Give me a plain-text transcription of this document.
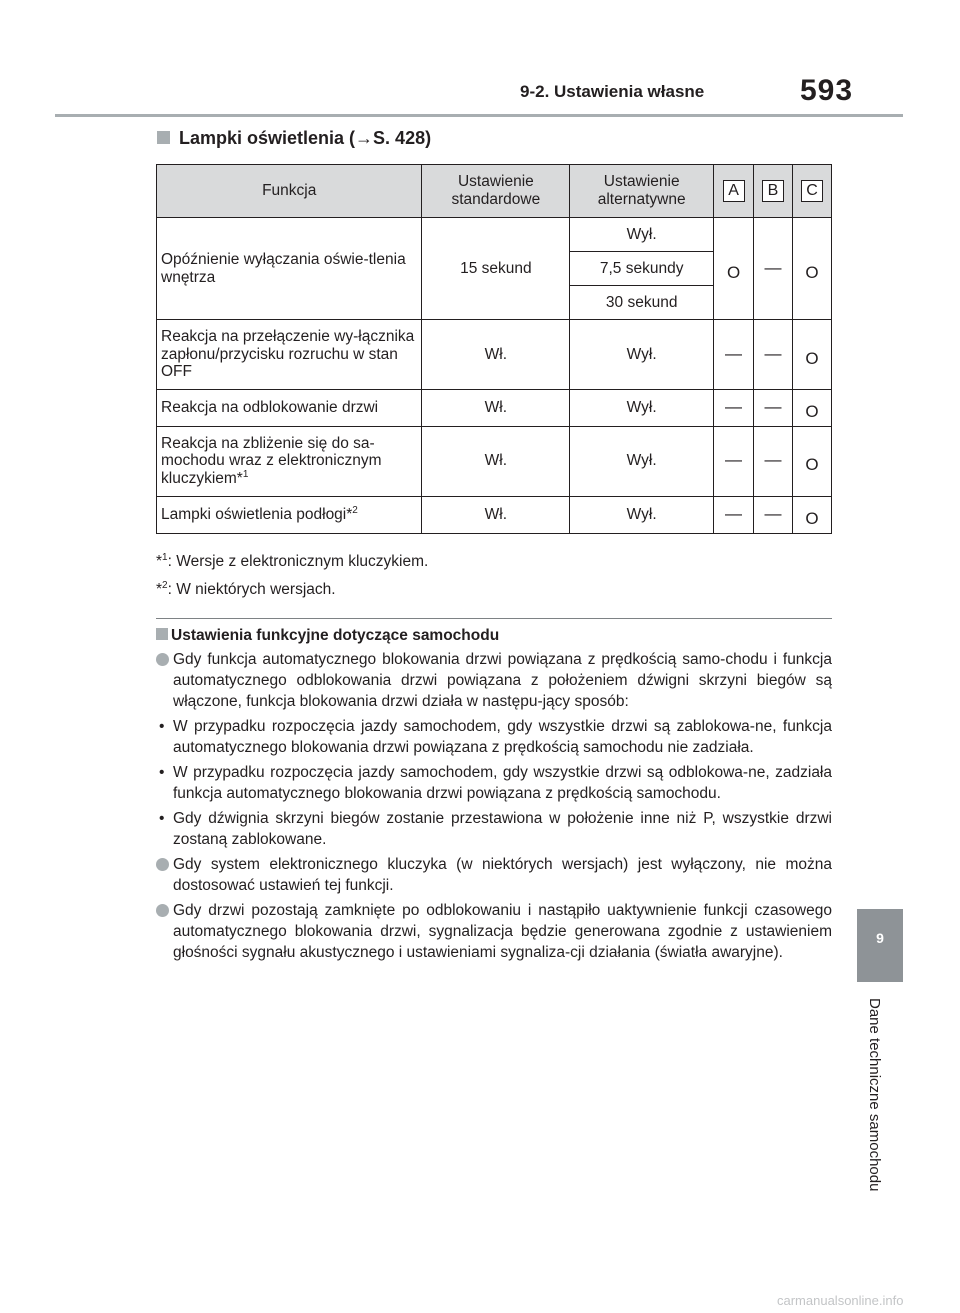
9-2. Ustawienia własne	593
Lampki oświetlenia (→S. 428)
Funkcja	Ustawienie standardowe	Ustawienie alternatywne	A	B	C
Opóźnienie wyłączania oświe-tlenia wnętrza	15 sekund	Wył.	O	—	O
		7,5 sekundy			
		30 sekund			
Reakcja na przełączenie wy-łącznika zapłonu/przycisku rozruchu w stan OFF	Wł.	Wył.	—	—	O
Reakcja na odblokowanie drzwi	Wł.	Wył.	—	—	O
Reakcja na zbliżenie się do sa-mochodu wraz z elektronicznym kluczykiem*$^1$	Wł.	Wył.	—	—	O
Lampki oświetlenia podłogi*$^2$	Wł.	Wył.	—	—	O
*$^1$: Wersje z elektronicznym kluczykiem.
*$^2$: W niektórych wersjach.
Ustawienia funkcyjne dotyczące samochodu
Gdy funkcja automatycznego blokowania drzwi powiązana z prędkością samo-chodu i funkcja automatycznego odblokowania drzwi powiązana z położeniem dźwigni skrzyni biegów są włączone, funkcja blokowania drzwi działa w następu-jący sposób:
• W przypadku rozpoczęcia jazdy samochodem, gdy wszystkie drzwi są zablokowa-ne, funkcja automatycznego blokowania drzwi powiązana z prędkością samochodu nie zadziała.
• W przypadku rozpoczęcia jazdy samochodem, gdy wszystkie drzwi są odblokowa-ne, zadziała funkcja automatycznego blokowania drzwi powiązana z prędkością samochodu.
• Gdy dźwignia skrzyni biegów zostanie przestawiona w położenie inne niż P, wszystkie drzwi zostaną zablokowane.
Gdy system elektronicznego kluczyka (w niektórych wersjach) jest wyłączony, nie można dostosować ustawień tej funkcji.
Gdy drzwi pozostają zamknięte po odblokowaniu i nastąpiło uaktywnienie funkcji czasowego automatycznego blokowania drzwi, sygnalizacja będzie generowana zgodnie z ustawieniem głośności sygnału akustycznego i ustawieniami sygnaliza-cji działania (światła awaryjne).
9
Dane techniczne samochodu
carmanualsonline.info
